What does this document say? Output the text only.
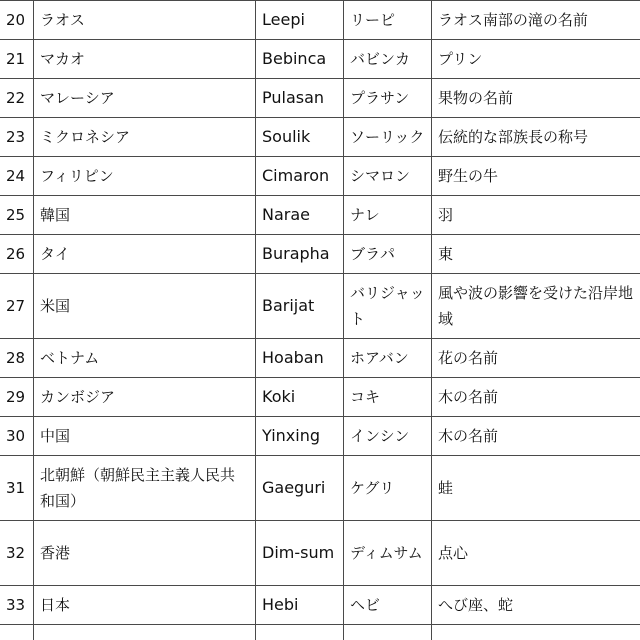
20	ラオス	Leepi	リーピ	ラオス南部の滝の名前
21	マカオ	Bebinca	バビンカ	プリン
22	マレーシア	Pulasan	プラサン	果物の名前
23	ミクロネシア	Soulik	ソーリック	伝統的な部族長の称号
24	フィリピン	Cimaron	シマロン	野生の牛
25	韓国	Narae	ナレ	羽
26	タイ	Burapha	ブラパ	東
27	米国	Barijat	バリジャット	風や波の影響を受けた沿岸地域
28	ベトナム	Hoaban	ホアバン	花の名前
29	カンボジア	Koki	コキ	木の名前
30	中国	Yinxing	インシン	木の名前
31	北朝鮮（朝鮮民主主義人民共和国）	Gaeguri	ケグリ	蛙
32	香港	Dim-sum	ディムサム	点心
33	日本	Hebi	ヘビ	へび座、蛇
